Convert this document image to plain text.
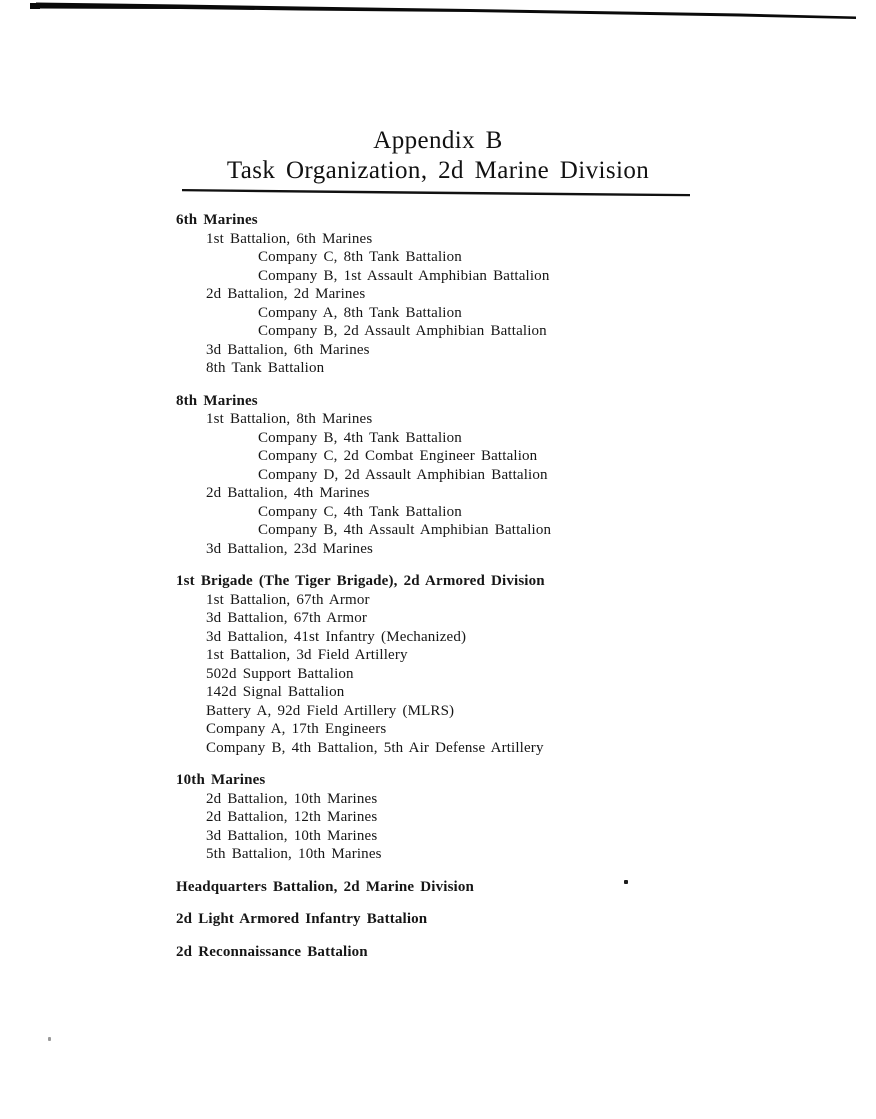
Appendix B
Task Organization, 2d Marine Division
6th Marines
1st Battalion, 6th Marines
Company C, 8th Tank Battalion
Company B, 1st Assault Amphibian Battalion
2d Battalion, 2d Marines
Company A, 8th Tank Battalion
Company B, 2d Assault Amphibian Battalion
3d Battalion, 6th Marines
8th Tank Battalion
8th Marines
1st Battalion, 8th Marines
Company B, 4th Tank Battalion
Company C, 2d Combat Engineer Battalion
Company D, 2d Assault Amphibian Battalion
2d Battalion, 4th Marines
Company C, 4th Tank Battalion
Company B, 4th Assault Amphibian Battalion
3d Battalion, 23d Marines
1st Brigade (The Tiger Brigade), 2d Armored Division
1st Battalion, 67th Armor
3d Battalion, 67th Armor
3d Battalion, 41st Infantry (Mechanized)
1st Battalion, 3d Field Artillery
502d Support Battalion
142d Signal Battalion
Battery A, 92d Field Artillery (MLRS)
Company A, 17th Engineers
Company B, 4th Battalion, 5th Air Defense Artillery
10th Marines
2d Battalion, 10th Marines
2d Battalion, 12th Marines
3d Battalion, 10th Marines
5th Battalion, 10th Marines
Headquarters Battalion, 2d Marine Division
2d Light Armored Infantry Battalion
2d Reconnaissance Battalion
